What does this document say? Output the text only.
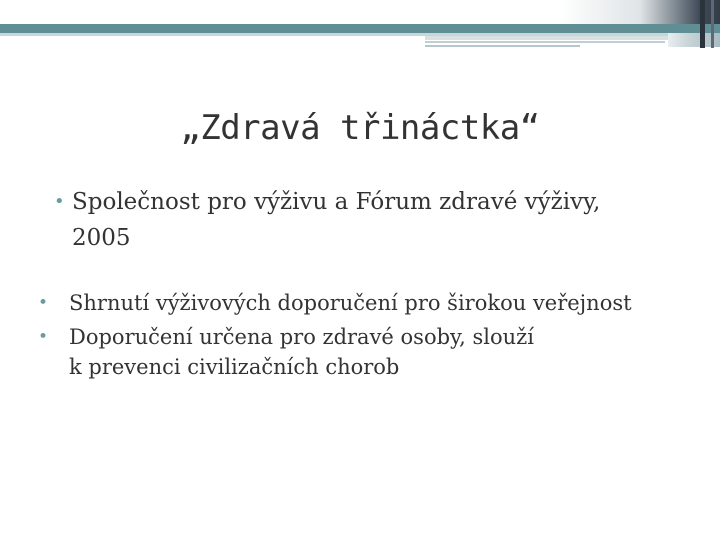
„Zdravá třináctka“
• Společnost pro výživu a Fórum zdravé výživy,
2005
• Shrnutí výživových doporučení pro širokou veřejnost
• Doporučení určena pro zdravé osoby, slouží
k prevenci civilizačních chorob
